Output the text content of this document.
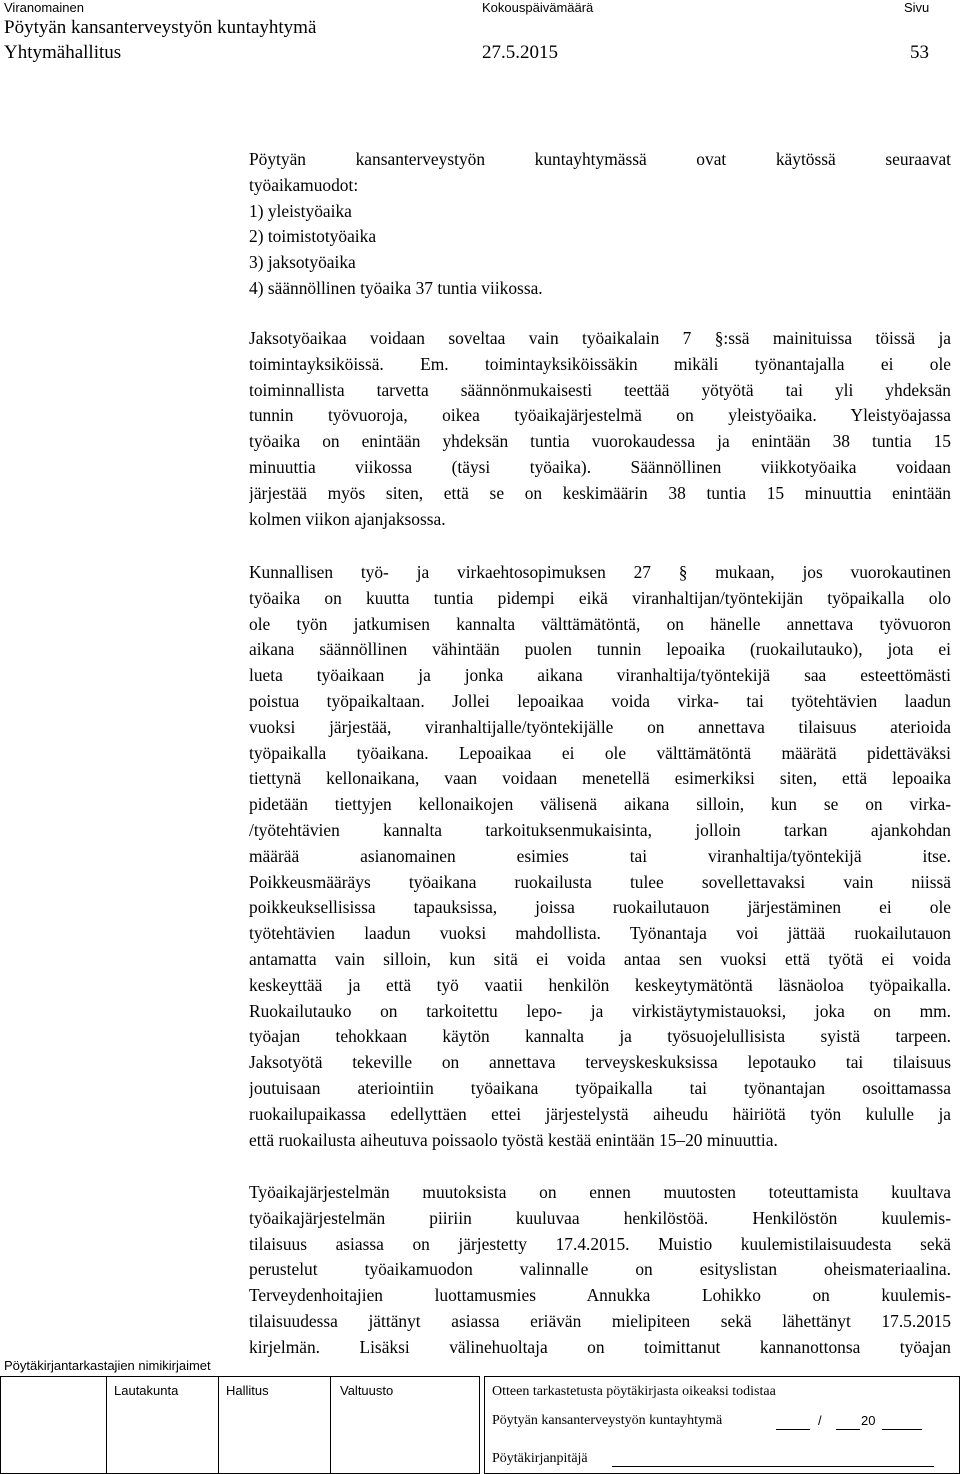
Viranomainen	Kokouspäivämäärä	Sivu
Pöytyän kansanterveystyön kuntayhtymä
Yhtymähallitus	27.5.2015	53
Pöytyän kansanterveystyön kuntayhtymässä ovat käytössä seuraavat
työaikamuodot:
1) yleistyöaika
2) toimistotyöaika
3) jaksotyöaika
4) säännöllinen työaika 37 tuntia viikossa.
Jaksotyöaikaa voidaan soveltaa vain työaikalain 7 §:ssä mainituissa töissä ja
toimintayksiköissä. Em. toimintayksiköissäkin mikäli työnantajalla ei ole
toiminnallista tarvetta säännönmukaisesti teettää yötyötä tai yli yhdeksän
tunnin työvuoroja, oikea työaikajärjestelmä on yleistyöaika. Yleistyöajassa
työaika on enintään yhdeksän tuntia vuorokaudessa ja enintään 38 tuntia 15
minuuttia viikossa (täysi työaika). Säännöllinen viikkotyöaika voidaan
järjestää myös siten, että se on keskimäärin 38 tuntia 15 minuuttia enintään
kolmen viikon ajanjaksossa.
Kunnallisen työ- ja virkaehtosopimuksen 27 § mukaan, jos vuorokautinen
työaika on kuutta tuntia pidempi eikä viranhaltijan/työntekijän työpaikalla olo
ole työn jatkumisen kannalta välttämätöntä, on hänelle annettava työvuoron
aikana säännöllinen vähintään puolen tunnin lepoaika (ruokailutauko), jota ei
lueta työaikaan ja jonka aikana viranhaltija/työntekijä saa esteettömästi
poistua työpaikaltaan. Jollei lepoaikaa voida virka- tai työtehtävien laadun
vuoksi järjestää, viranhaltijalle/työntekijälle on annettava tilaisuus aterioida
työpaikalla työaikana. Lepoaikaa ei ole välttämätöntä määrätä pidettäväksi
tiettynä kellonaikana, vaan voidaan menetellä esimerkiksi siten, että lepoaika
pidetään tiettyjen kellonaikojen välisenä aikana silloin, kun se on virka-
/työtehtävien kannalta tarkoituksenmukaisinta, jolloin tarkan ajankohdan
määrää asianomainen esimies tai viranhaltija/työntekijä itse.
Poikkeusmääräys työaikana ruokailusta tulee sovellettavaksi vain niissä
poikkeuksellisissa tapauksissa, joissa ruokailutauon järjestäminen ei ole
työtehtävien laadun vuoksi mahdollista. Työnantaja voi jättää ruokailutauon
antamatta vain silloin, kun sitä ei voida antaa sen vuoksi että työtä ei voida
keskeyttää ja että työ vaatii henkilön keskeytymätöntä läsnäoloa työpaikalla.
Ruokailutauko on tarkoitettu lepo- ja virkistäytymistauoksi, joka on mm.
työajan tehokkaan käytön kannalta ja työsuojelullisista syistä tarpeen.
Jaksotyötä tekeville on annettava terveyskeskuksissa lepotauko tai tilaisuus
joutuisaan ateriointiin työaikana työpaikalla tai työnantajan osoittamassa
ruokailupaikassa edellyttäen ettei järjestelystä aiheudu häiriötä työn kululle ja
että ruokailusta aiheutuva poissaolo työstä kestää enintään 15–20 minuuttia.
Työaikajärjestelmän muutoksista on ennen muutosten toteuttamista kuultava
työaikajärjestelmän piiriin kuuluvaa henkilöstöä. Henkilöstön kuulemis-
tilaisuus asiassa on järjestetty 17.4.2015. Muistio kuulemistilaisuudesta sekä
perustelut työaikamuodon valinnalle on esityslistan oheismateriaalina.
Terveydenhoitajien luottamusmies Annukka Lohikko on kuulemis-
tilaisuudessa jättänyt asiassa eriävän mielipiteen sekä lähettänyt 17.5.2015
kirjelmän. Lisäksi välinehuoltaja on toimittanut kannanottonsa työajan
Pöytäkirjantarkastajien nimikirjaimet
Lautakunta	Hallitus	Valtuusto	Otteen tarkastetusta pöytäkirjasta oikeaksi todistaa
Pöytyän kansanterveystyön kuntayhtymä	/	20
Pöytäkirjanpitäjä
